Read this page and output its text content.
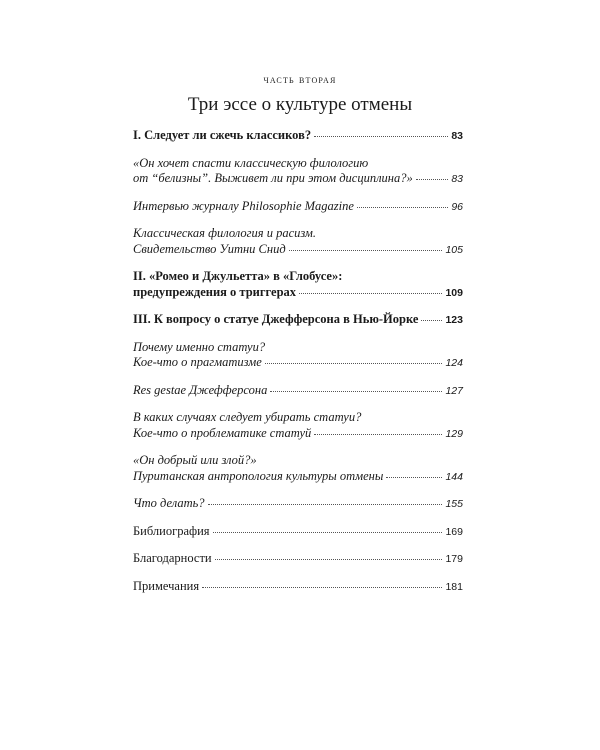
часть вторая
Три эссе о культуре отмены
I. Следует ли сжечь классиков?	83
«Он хочет спасти классическую филологию
от “белизны”. Выживет ли при этом дисциплина?»	83
Интервью журналу Philosophie Magazine	96
Классическая филология и расизм.
Свидетельство Уитни Снид	105
II. «Ромео и Джульетта» в «Глобусе»:
предупреждения о триггерах	109
III. К вопросу о статуе Джефферсона в Нью-Йорке	123
Почему именно статуи?
Кое-что о прагматизме	124
Res gestae Джефферсона	127
В каких случаях следует убирать статуи?
Кое-что о проблематике статуй	129
«Он добрый или злой?»
Пуританская антропология культуры отмены	144
Что делать?	155
Библиография	169
Благодарности	179
Примечания	181
